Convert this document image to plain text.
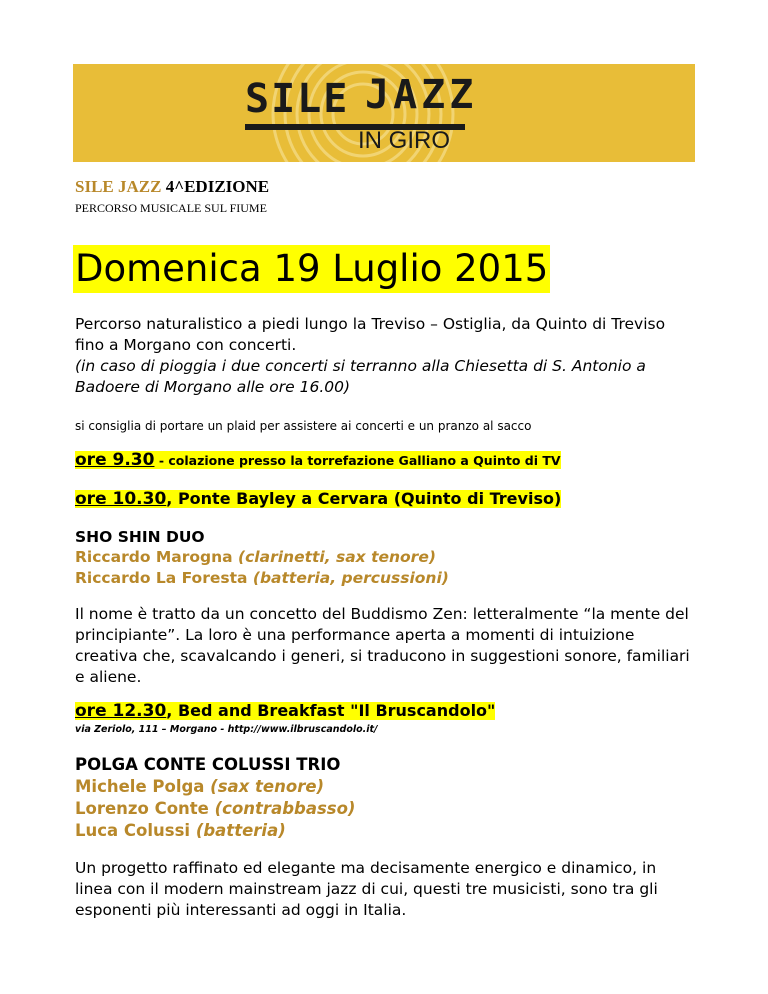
SILE JAZZ
IN GIRO
SILE JAZZ 4^EDIZIONE
PERCORSO MUSICALE SUL FIUME
Domenica 19 Luglio 2015
Percorso naturalistico a piedi lungo la Treviso – Ostiglia, da Quinto di Treviso fino a Morgano con concerti.
(in caso di pioggia i due concerti si terranno alla Chiesetta di S. Antonio a Badoere di Morgano alle ore 16.00)
si consiglia di portare un plaid per assistere ai concerti e un pranzo al sacco
ore 9.30 - colazione presso la torrefazione Galliano a Quinto di TV
ore 10.30, Ponte Bayley a Cervara (Quinto di Treviso)
SHO SHIN DUO
Riccardo Marogna (clarinetti, sax tenore)
Riccardo La Foresta (batteria, percussioni)
Il nome è tratto da un concetto del Buddismo Zen: letteralmente “la mente del principiante”. La loro è una performance aperta a momenti di intuizione creativa che, scavalcando i generi, si traducono in suggestioni sonore, familiari e aliene.
ore 12.30, Bed and Breakfast "Il Bruscandolo"
via Zeriolo, 111 – Morgano - http://www.ilbruscandolo.it/
POLGA CONTE COLUSSI TRIO
Michele Polga (sax tenore)
Lorenzo Conte (contrabbasso)
Luca Colussi (batteria)
Un progetto raffinato ed elegante ma decisamente energico e dinamico, in linea con il modern mainstream jazz di cui, questi tre musicisti, sono tra gli esponenti più interessanti ad oggi in Italia.
